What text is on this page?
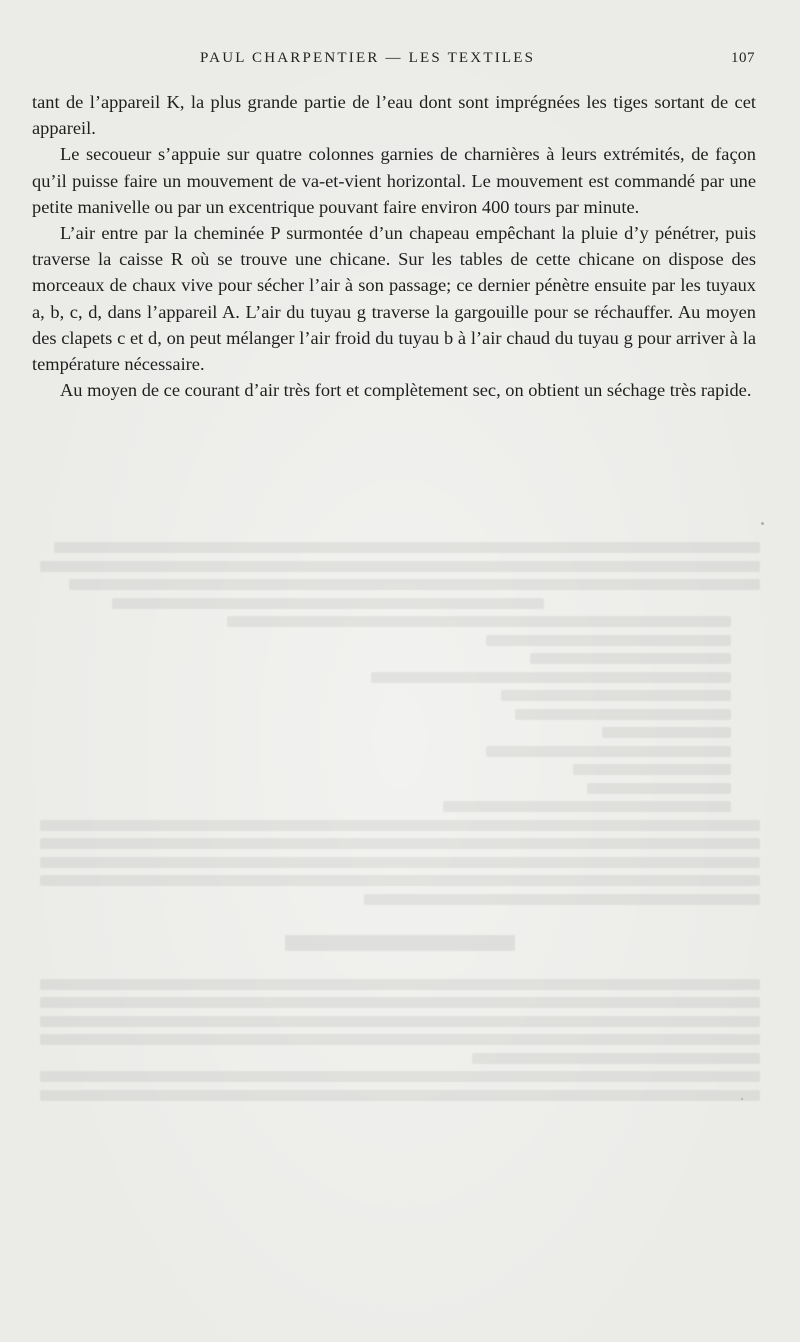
PAUL CHARPENTIER — LES TEXTILES	107

tant de l’appareil K, la plus grande partie de l’eau dont sont imprégnées les tiges sortant de cet appareil.

Le secoueur s’appuie sur quatre colonnes garnies de charnières à leurs extrémités, de façon qu’il puisse faire un mouvement de va-et-vient horizontal. Le mouvement est commandé par une petite manivelle ou par un excentrique pouvant faire environ 400 tours par minute.

L’air entre par la cheminée P surmontée d’un chapeau empêchant la pluie d’y pénétrer, puis traverse la caisse R où se trouve une chicane. Sur les tables de cette chicane on dispose des morceaux de chaux vive pour sécher l’air à son passage; ce dernier pénètre ensuite par les tuyaux a, b, c, d, dans l’appareil A. L’air du tuyau g traverse la gargouille pour se réchauffer. Au moyen des clapets c et d, on peut mélanger l’air froid du tuyau b à l’air chaud du tuyau g pour arriver à la température nécessaire.

Au moyen de ce courant d’air très fort et complètement sec, on obtient un séchage très rapide.
